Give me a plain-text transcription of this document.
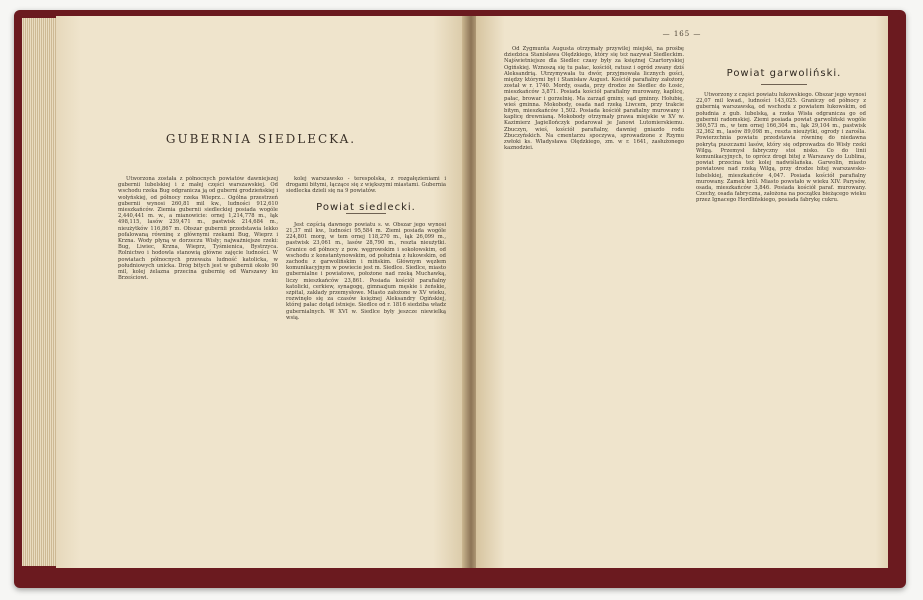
GUBERNIA SIEDLECKA.

Utworzona została z północnych powiatów dawniejszej gubernii lubelskiej i z małej części warszawskiej. Od wschodu rzeka Bug odgranicza ją od guberni grodzieńskiej i wołyńskiej, od północy rzeka Wieprz... Ogólna przestrzeń gubernii wynosi 260,81 mil kw., ludności 912,610 mieszkańców. Ziemia gubernii siedleckiej posiada wogóle 2,440,441 m. w., a mianowicie: ornej 1,214,778 m., łąk 498,115, lasów 239,471 m., pastwisk 214,684 m., nieużytków 116,867 m. Obszar gubernii przedstawia lekko pofalowaną równinę z głównymi rzekami Bug, Wieprz i Krzna. Wody płyną w dorzeczu Wisły; najważniejsze rzeki: Bug, Liwiec, Krzna, Wieprz, Tyśmienica, Bystrzyca. Rolnictwo i hodowla stanowią główne zajęcie ludności. W powiatach północnych przeważa ludność katolicka, w południowych unicka. Dróg bitych jest w gubernii około 90 mil, kolej żelazna przecina gubernię od Warszawy ku Brześciowi.

kolej warszawsko - terespolska, z rozgałęzieniami i drogami bitymi, łączące się z większymi miastami. Gubernia siedlecka dzieli się na 9 powiatów.

Powiat siedlecki.

Jest częścią dawnego powiatu s. w. Obszar jego wynosi 21,37 mil kw., ludności 95,584 m. Ziemi posiada wogóle 224,801 morg, w tem ornej 118,270 m., łąk 26,099 m., pastwisk 23,061 m., lasów 28,790 m., reszta nieużytki. Granice od północy z pow. węgrowskim i sokołowskim, od wschodu z konstantynowskim, od południa z łukowskim, od zachodu z garwolińskim i mińskim. Głównym węzłem komunikacyjnym w powiecie jest m. Siedlce. Siedlce, miasto gubernialne i powiatowe, położone nad rzeką Muchawką, liczy mieszkańców 23,861. Posiada kościół parafialny katolicki, cerkiew, synagogę, gimnazjum męskie i żeńskie, szpital, zakłady przemysłowe. Miasto założone w XV wieku, rozwinęło się za czasów księżnej Aleksandry Ogińskiej, której pałac dotąd istnieje. Siedlce od r. 1816 siedziba władz gubernialnych. W XVI w. Siedlce były jeszcze niewielką wsią.

— 165 —

Od Zygmunta Augusta otrzymały przywilej miejski, na prośbę dziedzica Stanisława Olędzkiego, który się też nazywał Siedleckim. Najświetniejsze dla Siedlec czasy były za księżnej Czartoryskiej Ogińskiej. Wznoszą się tu pałac, kościół, ratusz i ogród zwany dziś Aleksandrią. Utrzymywała tu dwór, przyjmowała licznych gości, między którymi był i Stanisław August. Kościół parafialny założony został w r. 1740. Mordy, osada, przy drodze ze Siedlec do Łosic, mieszkańców 3,871. Posiada kościół parafialny murowany, kaplicę, pałac, browar i gorzelnię. Ma zarząd gminy, sąd gminny. Hołubię, wieś gminna. Mokobody, osada nad rzeką Liwcem, przy trakcie bitym, mieszkańców 1,502. Posiada kościół parafialny murowany i kaplicę drewnianą. Mokobody otrzymały prawa miejskie w XV w. Kazimierz Jagiellończyk podarował je Janowi Lutomierskiemu. Zbuczyn, wieś, kościół parafialny, dawniej gniazdo rodu Zbuczyńskich. Na cmentarzu spoczywa, sprowadzone z Rzymu zwłoki ks. Władysława Olędzkiego, zm. w r. 1641, zasłużonego kaznodziei.

Powiat garwoliński.

Utworzony z części powiatu łukowskiego. Obszar jego wynosi 22,07 mil kwad., ludności 143,025. Graniczy od północy z gubernią warszawską, od wschodu z powiatem łukowskim, od południa z gub. lubelską, a rzeka Wisła odgranicza go od gubernii radomskiej. Ziemi posiada powiat garwoliński wogóle 360,573 m., w tem ornej 166,304 m., łąk 29,104 m., pastwisk 32,362 m., lasów 89,098 m., reszta nieużytki, ogrody i zarośla. Powierzchnia powiatu przedstawia równinę do niedawna pokrytą puszczami lasów, który się odprowadza do Wisły rzeki Wilgą. Przemysł fabryczny stoi nisko. Co do linii komunikacyjnych, to oprócz drogi bitej z Warszawy do Lublina, powiat przecina też kolej nadwiślańska. Garwolin, miasto powiatowe nad rzeką Wilgą, przy drodze bitej warszawsko-lubelskiej, mieszkańców 4,047. Posiada kościół parafialny murowany. Zamek król. Miasto powstało w wieku XIV. Parysów, osada, mieszkańców 3,846. Posiada kościół paraf. murowany. Czechy, osada fabryczna, założona na początku bieżącego wieku przez Ignacego Hordlińskiego, posiada fabrykę cukru.
